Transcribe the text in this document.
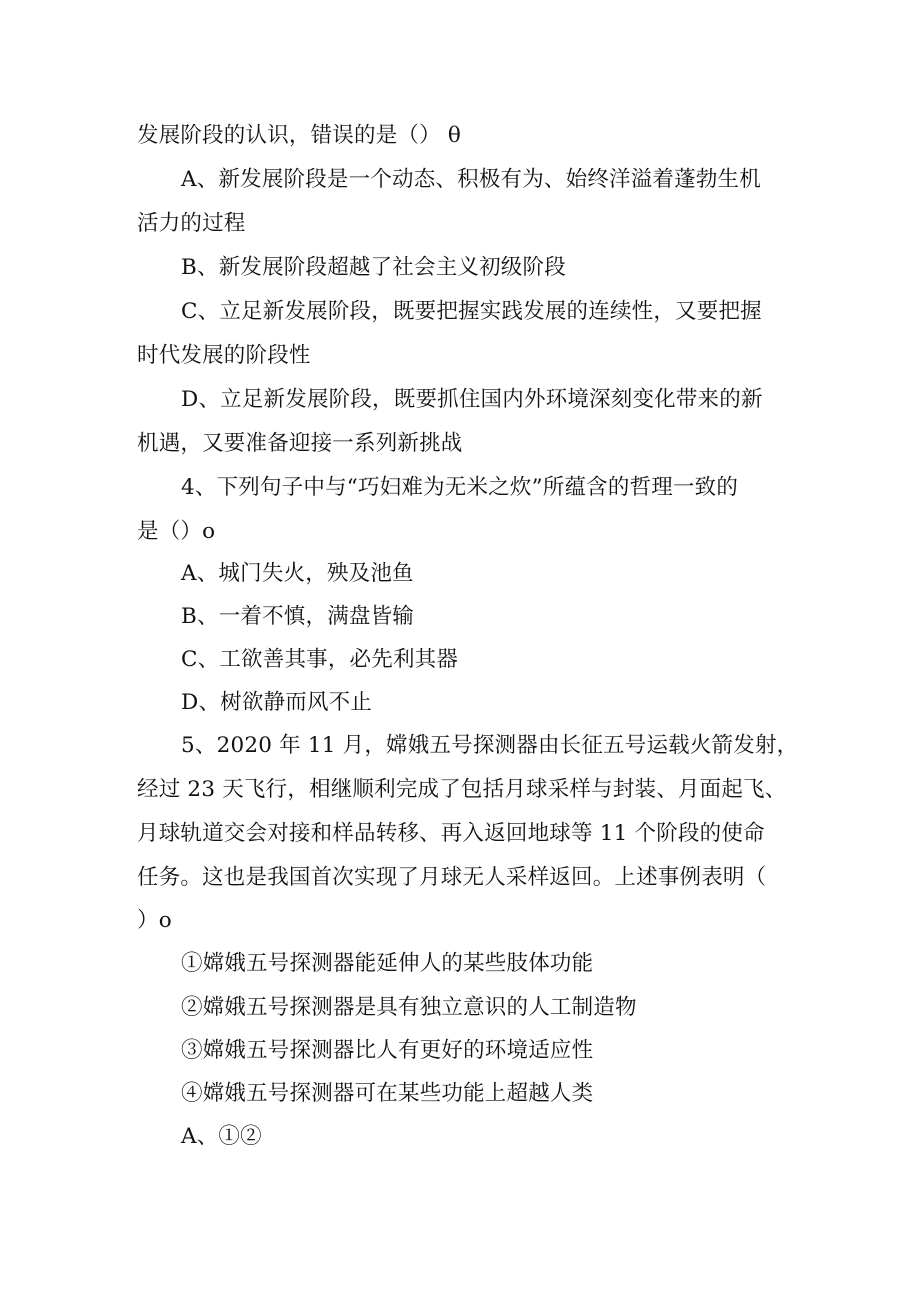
发展阶段的认识，错误的是（） θ
A、新发展阶段是一个动态、积极有为、始终洋溢着蓬勃生机
活力的过程
B、新发展阶段超越了社会主义初级阶段
C、立足新发展阶段，既要把握实践发展的连续性，又要把握
时代发展的阶段性
D、立足新发展阶段，既要抓住国内外环境深刻变化带来的新
机遇，又要准备迎接一系列新挑战
4、下列句子中与“巧妇难为无米之炊”所蕴含的哲理一致的
是（）o
A、城门失火，殃及池鱼
B、一着不慎，满盘皆输
C、工欲善其事，必先利其器
D、树欲静而风不止
5、2020 年 11 月，嫦娥五号探测器由长征五号运载火箭发射，
经过 23 天飞行，相继顺利完成了包括月球采样与封装、月面起飞、
月球轨道交会对接和样品转移、再入返回地球等 11 个阶段的使命
任务。这也是我国首次实现了月球无人采样返回。上述事例表明（
）o
①嫦娥五号探测器能延伸人的某些肢体功能
②嫦娥五号探测器是具有独立意识的人工制造物
③嫦娥五号探测器比人有更好的环境适应性
④嫦娥五号探测器可在某些功能上超越人类
A、①②
